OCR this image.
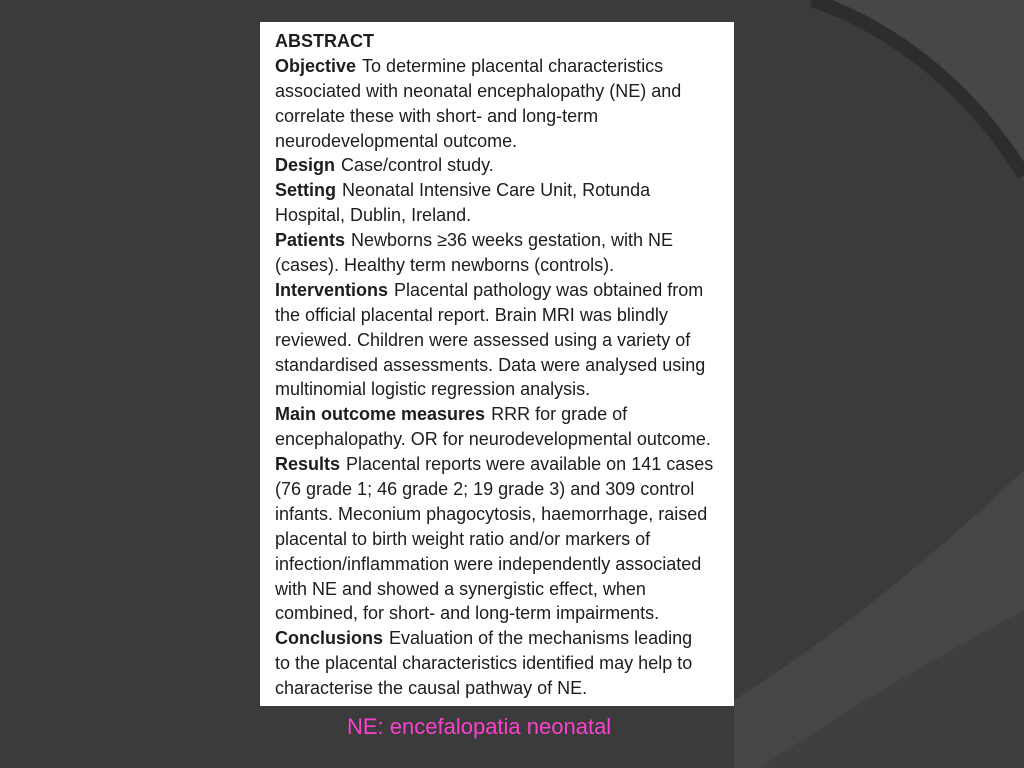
ABSTRACT
Objective To determine placental characteristics
associated with neonatal encephalopathy (NE) and
correlate these with short- and long-term
neurodevelopmental outcome.
Design Case/control study.
Setting Neonatal Intensive Care Unit, Rotunda
Hospital, Dublin, Ireland.
Patients Newborns ≥36 weeks gestation, with NE
(cases). Healthy term newborns (controls).
Interventions Placental pathology was obtained from
the official placental report. Brain MRI was blindly
reviewed. Children were assessed using a variety of
standardised assessments. Data were analysed using
multinomial logistic regression analysis.
Main outcome measures RRR for grade of
encephalopathy. OR for neurodevelopmental outcome.
Results Placental reports were available on 141 cases
(76 grade 1; 46 grade 2; 19 grade 3) and 309 control
infants. Meconium phagocytosis, haemorrhage, raised
placental to birth weight ratio and/or markers of
infection/inflammation were independently associated
with NE and showed a synergistic effect, when
combined, for short- and long-term impairments.
Conclusions Evaluation of the mechanisms leading
to the placental characteristics identified may help to
characterise the causal pathway of NE.
NE: encefalopatia neonatal
